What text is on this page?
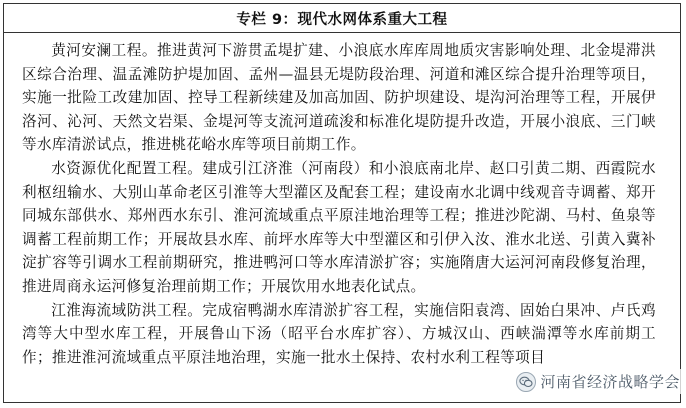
专栏 9：现代水网体系重大工程

黄河安澜工程。推进黄河下游贯孟堤扩建、小浪底水库库周地质灾害影响处理、北金堤滞洪区综合治理、温孟滩防护堤加固、孟州—温县无堤防段治理、河道和滩区综合提升治理等项目，实施一批险工改建加固、控导工程新续建及加高加固、防护坝建设、堤沟河治理等工程，开展伊洛河、沁河、天然文岩渠、金堤河等支流河道疏浚和标准化堤防提升改造，开展小浪底、三门峡等水库清淤试点，推进桃花峪水库等项目前期工作。

水资源优化配置工程。建成引江济淮（河南段）和小浪底南北岸、赵口引黄二期、西霞院水利枢纽输水、大别山革命老区引淮等大型灌区及配套工程；建设南水北调中线观音寺调蓄、郑开同城东部供水、郑州西水东引、淮河流域重点平原洼地治理等工程；推进沙陀湖、马村、鱼泉等调蓄工程前期工作；开展故县水库、前坪水库等大中型灌区和引伊入汝、淮水北送、引黄入冀补淀扩容等引调水工程前期研究，推进鸭河口等水库清淤扩容；实施隋唐大运河河南段修复治理，推进周商永运河修复治理前期工作；开展饮用水地表化试点。

江淮海流域防洪工程。完成宿鸭湖水库清淤扩容工程，实施信阳袁湾、固始白果冲、卢氏鸡湾等大中型水库工程，开展鲁山下汤（昭平台水库扩容）、方城汉山、西峡湍潭等水库前期工作；推进淮河流域重点平原洼地治理，实施一批水土保持、农村水利工程等项目

河南省经济战略学会
